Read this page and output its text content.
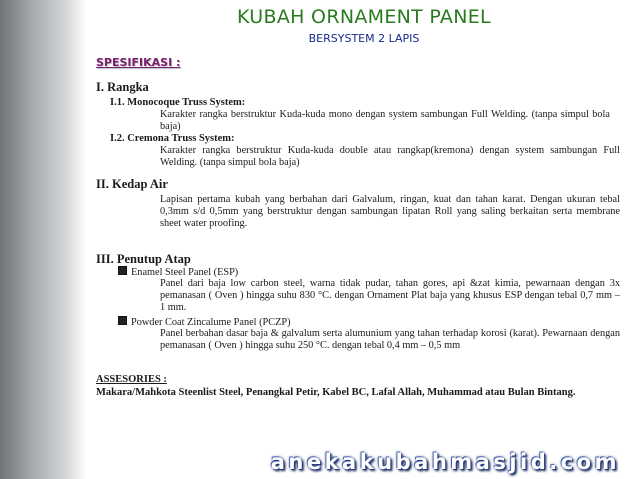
KUBAH ORNAMENT PANEL
BERSYSTEM 2 LAPIS
SPESIFIKASI :
I. Rangka
I.1. Monocoque Truss System:

Karakter rangka berstruktur Kuda-kuda mono dengan system sambungan Full Welding. (tanpa simpul bola baja)

I.2. Cremona Truss System:

Karakter rangka berstruktur Kuda-kuda double atau rangkap(kremona) dengan system sambungan Full Welding. (tanpa simpul bola baja)

II. Kedap Air

Lapisan pertama kubah yang berbahan dari Galvalum, ringan, kuat dan tahan karat. Dengan ukuran tebal 0,3mm s/d 0,5mm yang berstruktur dengan sambungan lipatan Roll yang saling berkaitan serta membrane sheet water proofing.

III. Penutup Atap
Enamel Steel Panel (ESP)

Panel dari baja low carbon steel, warna tidak pudar, tahan gores, api &zat kimia, pewarnaan dengan 3x pemanasan ( Oven ) hingga suhu 830 °C. dengan Ornament Plat baja yang khusus ESP dengan tebal 0,7 mm – 1 mm.

Powder Coat Zincalume Panel (PCZP)

Panel berbahan dasar baja & galvalum serta alumunium yang tahan terhadap korosi (karat). Pewarnaan dengan pemanasan ( Oven ) hingga suhu 250 °C. dengan tebal 0,4 mm – 0,5 mm

ASSESORIES :
Makara/Mahkota Steenlist Steel, Penangkal Petir, Kabel BC, Lafal Allah, Muhammad atau Bulan Bintang.
anekakubahmasjid.com
